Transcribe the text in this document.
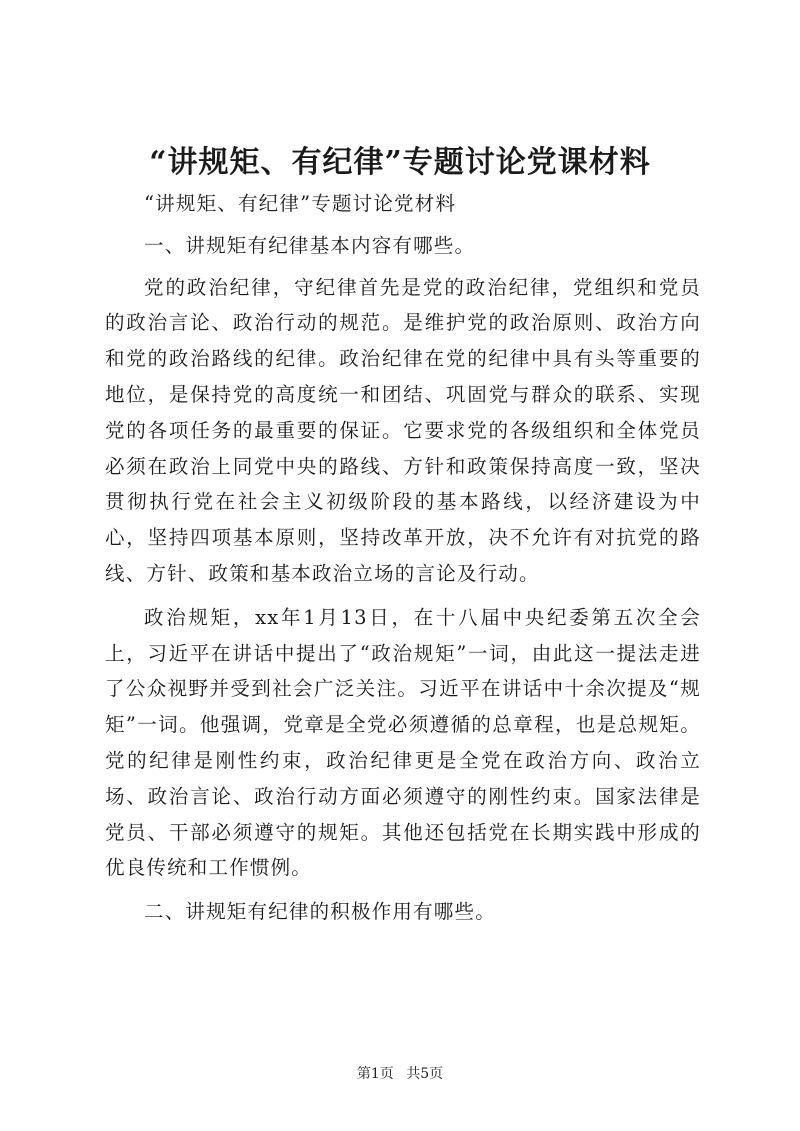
“讲规矩、有纪律”专题讨论党课材料

“讲规矩、有纪律”专题讨论党材料

一、讲规矩有纪律基本内容有哪些。

党的政治纪律，守纪律首先是党的政治纪律，党组织和党员的政治言论、政治行动的规范。是维护党的政治原则、政治方向和党的政治路线的纪律。政治纪律在党的纪律中具有头等重要的地位，是保持党的高度统一和团结、巩固党与群众的联系、实现党的各项任务的最重要的保证。它要求党的各级组织和全体党员必须在政治上同党中央的路线、方针和政策保持高度一致，坚决贯彻执行党在社会主义初级阶段的基本路线，以经济建设为中心，坚持四项基本原则，坚持改革开放，决不允许有对抗党的路线、方针、政策和基本政治立场的言论及行动。

政治规矩，xx年1月13日，在十八届中央纪委第五次全会上，习近平在讲话中提出了“政治规矩”一词，由此这一提法走进了公众视野并受到社会广泛关注。习近平在讲话中十余次提及“规矩”一词。他强调，党章是全党必须遵循的总章程，也是总规矩。党的纪律是刚性约束，政治纪律更是全党在政治方向、政治立场、政治言论、政治行动方面必须遵守的刚性约束。国家法律是党员、干部必须遵守的规矩。其他还包括党在长期实践中形成的优良传统和工作惯例。

二、讲规矩有纪律的积极作用有哪些。

第1页 共5页
